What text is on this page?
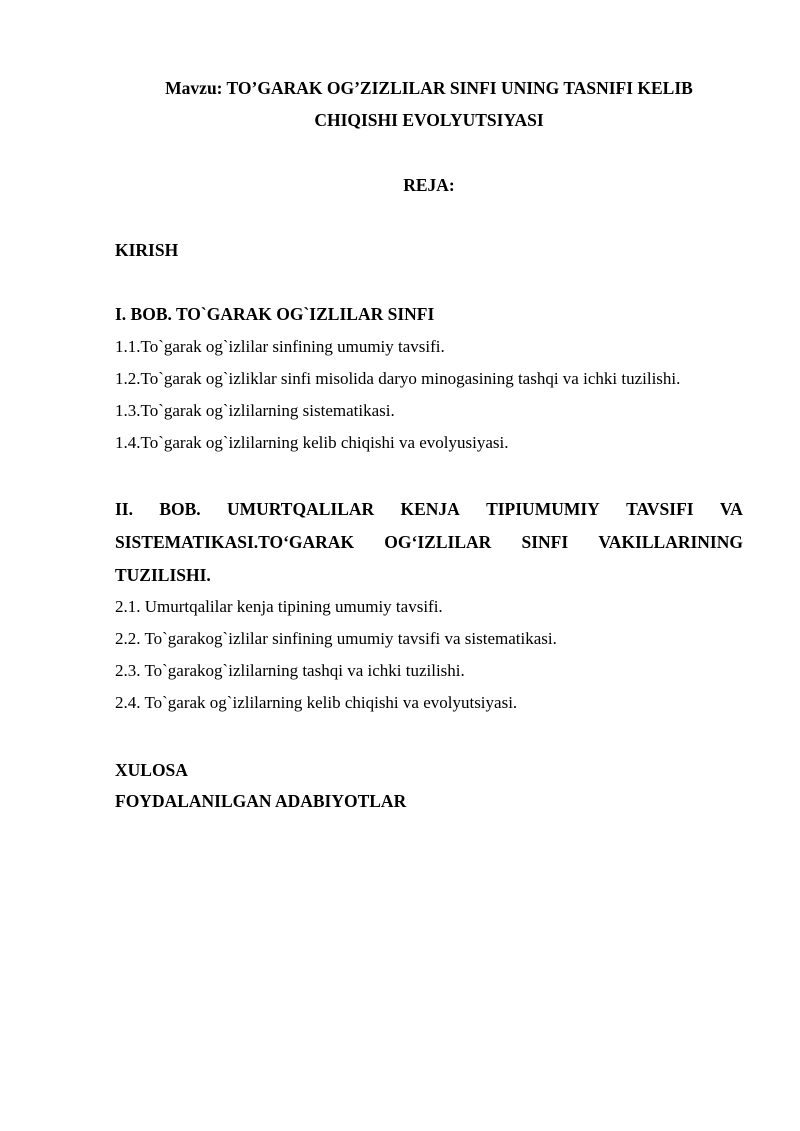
Mavzu: TO’GARAK OG’ZIZLILAR SINFI UNING TASNIFI KELIB
CHIQISHI EVOLYUTSIYASI
REJA:
KIRISH
I. BOB. TO`GARAK OG`IZLILAR SINFI
1.1.To`garak og`izlilar sinfining umumiy tavsifi.
1.2.To`garak og`izliklar sinfi misolida daryo minogasining tashqi va ichki tuzilishi.
1.3.To`garak og`izlilarning sistematikasi.
1.4.To`garak og`izlilarning kelib chiqishi va evolyusiyasi.
II. BOB. UMURTQALILAR KENJA TIPIUMUMIY TAVSIFI VA
SISTEMATIKASI.TO‘GARAK OG‘IZLILAR SINFI VAKILLARINING
TUZILISHI.
2.1. Umurtqalilar kenja tipining umumiy tavsifi.
2.2. To`garakog`izlilar sinfining umumiy tavsifi va sistematikasi.
2.3. To`garakog`izlilarning tashqi va ichki tuzilishi.
2.4. To`garak og`izlilarning kelib chiqishi va evolyutsiyasi.
XULOSA
FOYDALANILGAN ADABIYOTLAR
